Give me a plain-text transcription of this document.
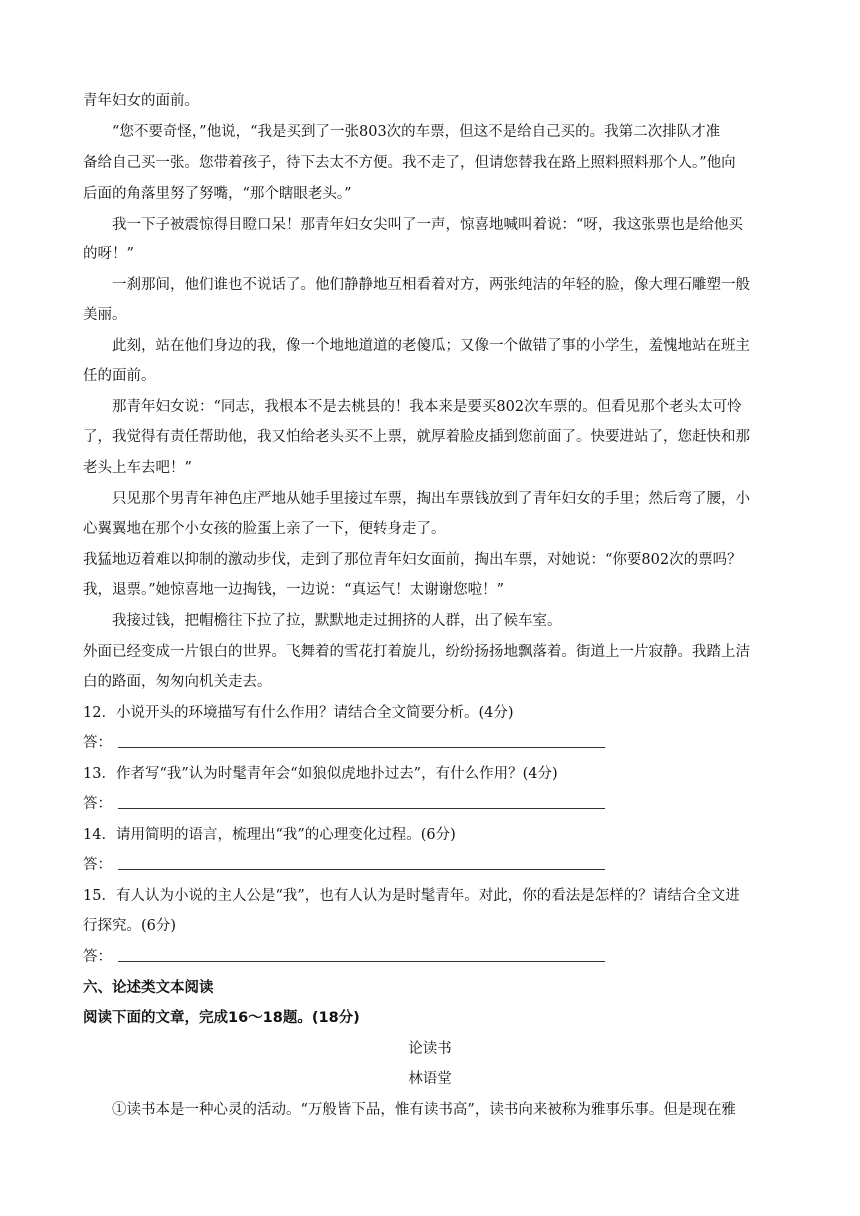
青年妇女的面前。
“您不要奇怪，”他说，“我是买到了一张803次的车票，但这不是给自己买的。我第二次排队才准
备给自己买一张。您带着孩子，待下去太不方便。我不走了，但请您替我在路上照料照料那个人。”他向
后面的角落里努了努嘴，“那个瞎眼老头。”
我一下子被震惊得目瞪口呆！那青年妇女尖叫了一声，惊喜地喊叫着说：“呀，我这张票也是给他买
的呀！”
一刹那间，他们谁也不说话了。他们静静地互相看着对方，两张纯洁的年轻的脸，像大理石雕塑一般
美丽。
此刻，站在他们身边的我，像一个地地道道的老傻瓜；又像一个做错了事的小学生，羞愧地站在班主
任的面前。
那青年妇女说：“同志，我根本不是去桃县的！我本来是要买802次车票的。但看见那个老头太可怜
了，我觉得有责任帮助他，我又怕给老头买不上票，就厚着脸皮插到您前面了。快要进站了，您赶快和那
老头上车去吧！”
只见那个男青年神色庄严地从她手里接过车票，掏出车票钱放到了青年妇女的手里；然后弯了腰，小
心翼翼地在那个小女孩的脸蛋上亲了一下，便转身走了。
我猛地迈着难以抑制的激动步伐，走到了那位青年妇女面前，掏出车票，对她说：“你要802次的票吗？
我，退票。”她惊喜地一边掏钱，一边说：“真运气！太谢谢您啦！”
我接过钱，把帽檐往下拉了拉，默默地走过拥挤的人群，出了候车室。
外面已经变成一片银白的世界。飞舞着的雪花打着旋儿，纷纷扬扬地飘落着。街道上一片寂静。我踏上洁
白的路面，匆匆向机关走去。
12．小说开头的环境描写有什么作用？请结合全文简要分析。(4分)
答：
13．作者写“我”认为时髦青年会“如狼似虎地扑过去”，有什么作用？(4分)
答：
14．请用简明的语言，梳理出“我”的心理变化过程。(6分)
答：
15．有人认为小说的主人公是“我”，也有人认为是时髦青年。对此，你的看法是怎样的？请结合全文进
行探究。(6分)
答：
六、论述类文本阅读
阅读下面的文章，完成16～18题。(18分)
论读书
林语堂
①读书本是一种心灵的活动。“万般皆下品，惟有读书高”，读书向来被称为雅事乐事。但是现在雅
